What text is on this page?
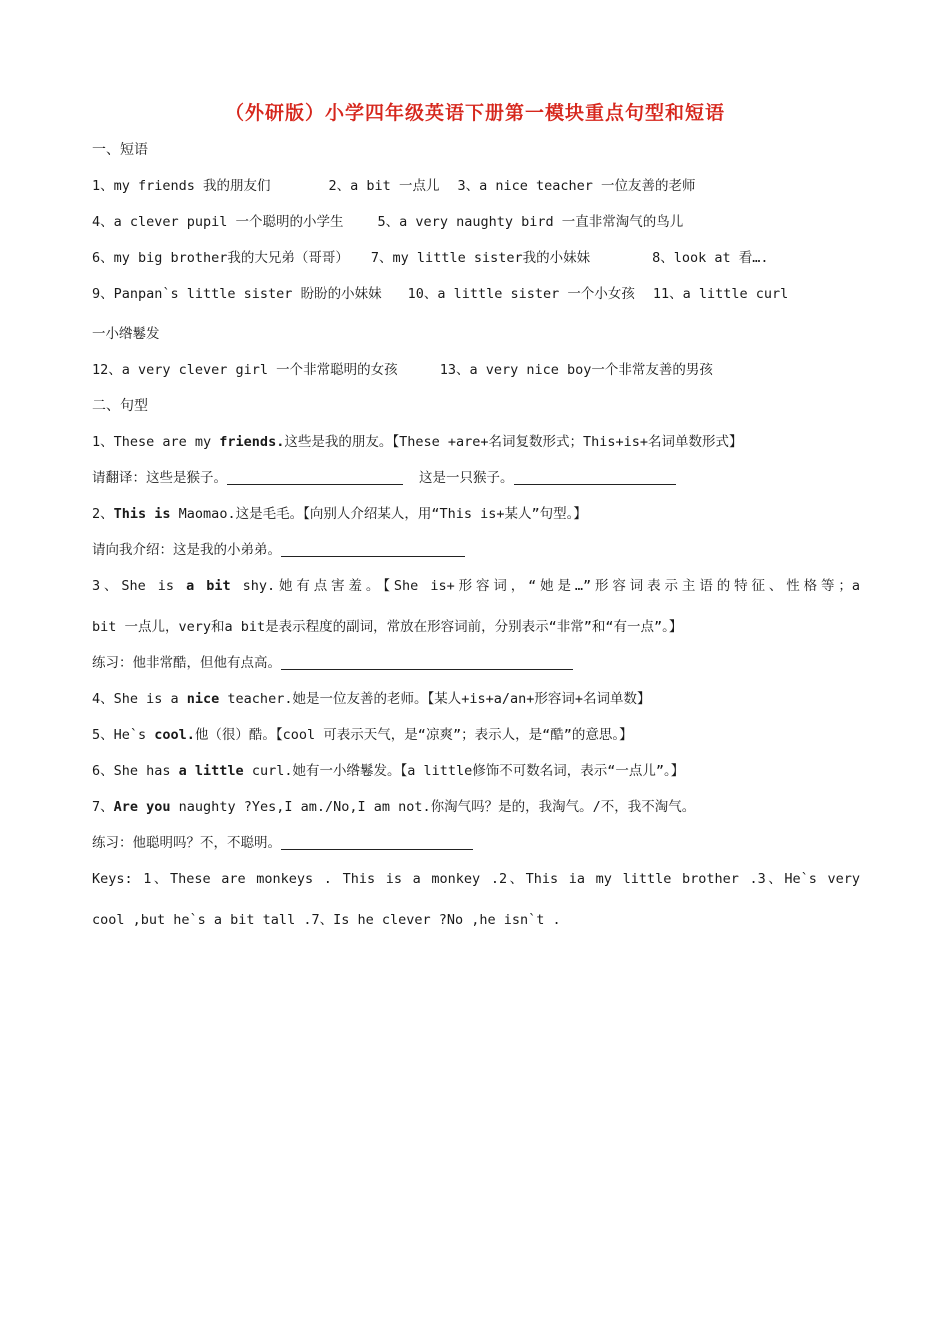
（外研版）小学四年级英语下册第一模块重点句型和短语
一、短语
1、my friends 我的朋友们	2、a bit 一点儿 3、a nice teacher 一位友善的老师
4、a clever pupil 一个聪明的小学生	5、a very naughty bird 一直非常淘气的鸟儿
6、my big brother我的大兄弟（哥哥） 7、my little sister我的小妹妹	8、look at 看….
9、Panpan`s little sister 盼盼的小妹妹 10、a little sister 一个小女孩 11、a little curl
一小绺鬈发
12、a very clever girl 一个非常聪明的女孩	13、a very nice boy一个非常友善的男孩
二、句型
1、These are my friends.这些是我的朋友。【These +are+名词复数形式；This+is+名词单数形式】
请翻译：这些是猴子。	这是一只猴子。
2、This is Maomao.这是毛毛。【向别人介绍某人，用“This is+某人”句型。】
请向我介绍：这是我的小弟弟。
3、She is a bit shy.她有点害羞。【She is+形容词，“她是…”形容词表示主语的特征、性格等；a
bit 一点儿，very和a bit是表示程度的副词，常放在形容词前，分别表示“非常”和“有一点”。】
练习：他非常酷，但他有点高。
4、She is a nice teacher.她是一位友善的老师。【某人+is+a/an+形容词+名词单数】
5、He`s cool.他（很）酷。【cool 可表示天气，是“凉爽”；表示人，是“酷”的意思。】
6、She has a little curl.她有一小绺鬈发。【a little修饰不可数名词，表示“一点儿”。】
7、Are you naughty ?Yes,I am./No,I am not.你淘气吗？是的，我淘气。/不，我不淘气。
练习：他聪明吗？不，不聪明。
Keys: 1、These are monkeys . This is a monkey .2、This ia my little brother .3、He`s very
cool ,but he`s a bit tall .7、Is he clever ?No ,he isn`t .
